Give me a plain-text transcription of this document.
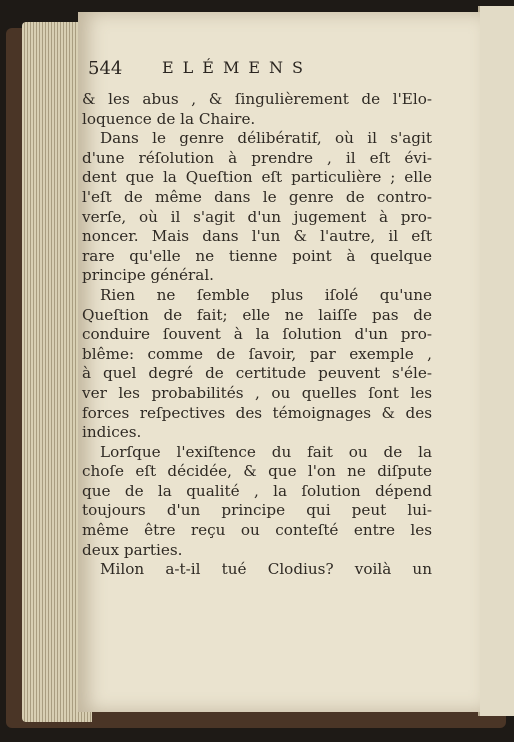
544 ELÉMENS
& les abus , & ſingulièrement de l'Elo-
loquence de la Chaire.
Dans le genre délibératif, où il s'agit
d'une réſolution à prendre , il eſt évi-
dent que la Queſtion eſt particulière ; elle
l'eſt de même dans le genre de contro-
verſe, où il s'agit d'un jugement à pro-
noncer. Mais dans l'un & l'autre, il eſt
rare qu'elle ne tienne point à quelque
principe général.
Rien ne ſemble plus iſolé qu'une
Queſtion de fait; elle ne laiſſe pas de
conduire ſouvent à la ſolution d'un pro-
blême: comme de ſavoir, par exemple ,
à quel degré de certitude peuvent s'éle-
ver les probabilités , ou quelles ſont les
forces reſpectives des témoignages & des
indices.
Lorſque l'exiſtence du fait ou de la
choſe eſt décidée, & que l'on ne diſpute
que de la qualité , la ſolution dépend
toujours d'un principe qui peut lui-
même être reçu ou conteſté entre les
deux parties.
Milon a-t-il tué Clodius? voilà un
